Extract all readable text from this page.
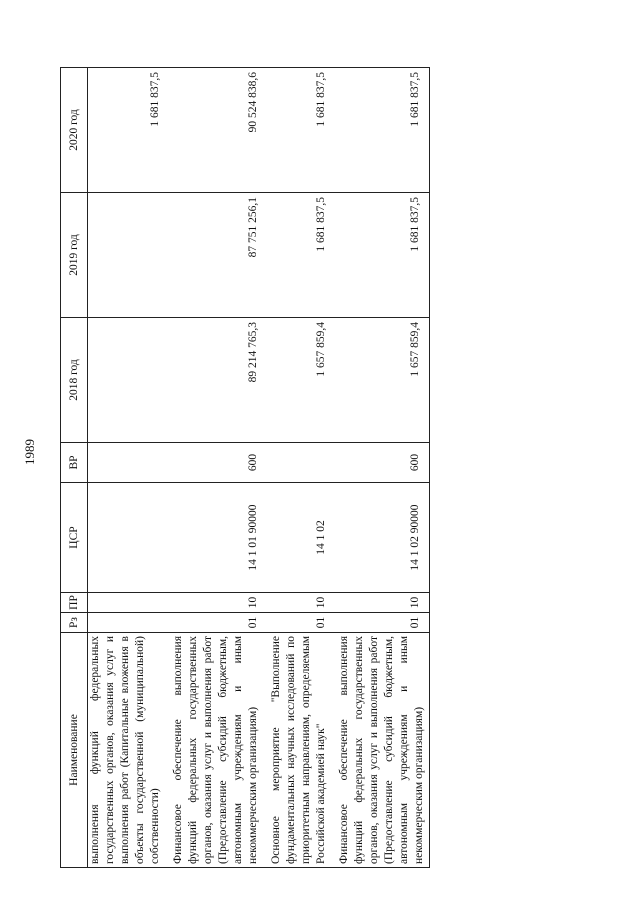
1989
Наименование	Рз	ПР	ЦСР	ВР	2018 год	2019 год	2020 год
выполнения функций федеральных государственных органов, оказания услуг и выполнения работ (Капитальные вложения в объекты государственной (муниципальной) собственности)							1 681 837,5
Финансовое обеспечение выполнения функций федеральных государственных органов, оказания услуг и выполнения работ (Предоставление субсидий бюджетным, автономным учреждениям и иным некоммерческим организациям)	01	10	14 1 01 90000	600	89 214 765,3	87 751 256,1	90 524 838,6
Основное мероприятие "Выполнение фундаментальных научных исследований по приоритетным направлениям, определяемым Российской академией наук"	01	10	14 1 02		1 657 859,4	1 681 837,5	1 681 837,5
Финансовое обеспечение выполнения функций федеральных государственных органов, оказания услуг и выполнения работ (Предоставление субсидий бюджетным, автономным учреждениям и иным некоммерческим организациям)	01	10	14 1 02 90000	600	1 657 859,4	1 681 837,5	1 681 837,5
